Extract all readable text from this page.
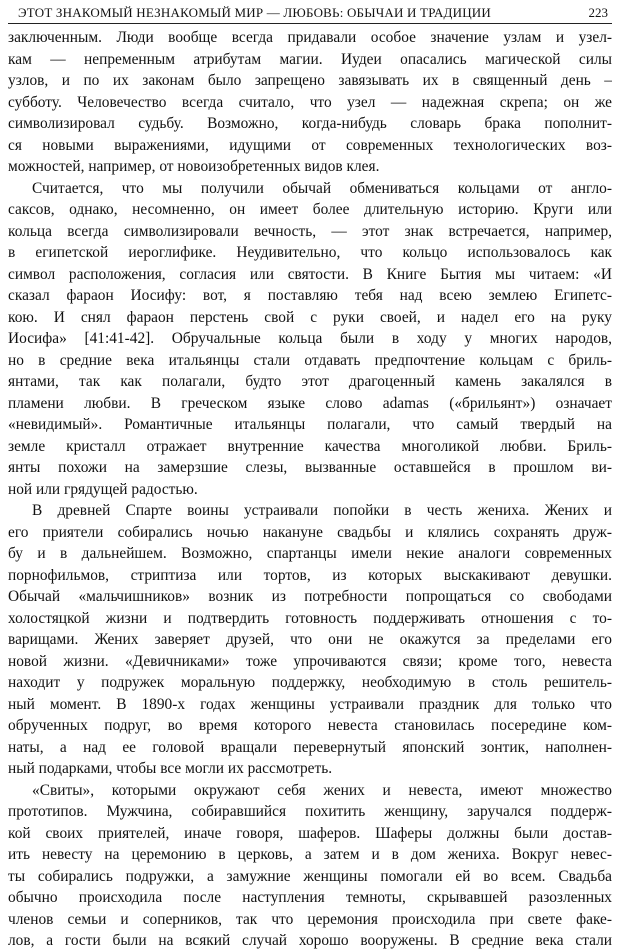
ЭТОТ ЗНАКОМЫЙ НЕЗНАКОМЫЙ МИР — ЛЮБОВЬ: ОБЫЧАИ И ТРАДИЦИИ	223
заключенным. Люди вообще всегда придавали особое значение узлам и узел-
кам — непременным атрибутам магии. Иудеи опасались магической силы
узлов, и по их законам было запрещено завязывать их в священный день –
субботу. Человечество всегда считало, что узел — надежная скрепа; он же
символизировал судьбу. Возможно, когда-нибудь словарь брака пополнит-
ся новыми выражениями, идущими от современных технологических воз-
можностей, например, от новоизобретенных видов клея.
Считается, что мы получили обычай обмениваться кольцами от англо-
саксов, однако, несомненно, он имеет более длительную историю. Круги или
кольца всегда символизировали вечность, — этот знак встречается, например,
в египетской иероглифике. Неудивительно, что кольцо использовалось как
символ расположения, согласия или святости. В Книге Бытия мы читаем: «И
сказал фараон Иосифу: вот, я поставляю тебя над всею землею Египетс-
кою. И снял фараон перстень свой с руки своей, и надел его на руку
Иосифа» [41:41-42]. Обручальные кольца были в ходу у многих народов,
но в средние века итальянцы стали отдавать предпочтение кольцам с бриль-
янтами, так как полагали, будто этот драгоценный камень закалялся в
пламени любви. В греческом языке слово adamas («брильянт») означает
«невидимый». Романтичные итальянцы полагали, что самый твердый на
земле кристалл отражает внутренние качества многоликой любви. Бриль-
янты похожи на замерзшие слезы, вызванные оставшейся в прошлом ви-
ной или грядущей радостью.
В древней Спарте воины устраивали попойки в честь жениха. Жених и
его приятели собирались ночью накануне свадьбы и клялись сохранять друж-
бу и в дальнейшем. Возможно, спартанцы имели некие аналоги современных
порнофильмов, стриптиза или тортов, из которых выскакивают девушки.
Обычай «мальчишников» возник из потребности попрощаться со свободами
холостяцкой жизни и подтвердить готовность поддерживать отношения с то-
варищами. Жених заверяет друзей, что они не окажутся за пределами его
новой жизни. «Девичниками» тоже упрочиваются связи; кроме того, невеста
находит у подружек моральную поддержку, необходимую в столь решитель-
ный момент. В 1890-х годах женщины устраивали праздник для только что
обрученных подруг, во время которого невеста становилась посередине ком-
наты, а над ее головой вращали перевернутый японский зонтик, наполнен-
ный подарками, чтобы все могли их рассмотреть.
«Свиты», которыми окружают себя жених и невеста, имеют множество
прототипов. Мужчина, собиравшийся похитить женщину, заручался поддерж-
кой своих приятелей, иначе говоря, шаферов. Шаферы должны были достав-
ить невесту на церемонию в церковь, а затем и в дом жениха. Вокруг невес-
ты собирались подружки, а замужние женщины помогали ей во всем. Свадьба
обычно происходила после наступления темноты, скрывавшей разозленных
членов семьи и соперников, так что церемония происходила при свете факе-
лов, а гости были на всякий случай хорошо вооружены. В средние века стали
